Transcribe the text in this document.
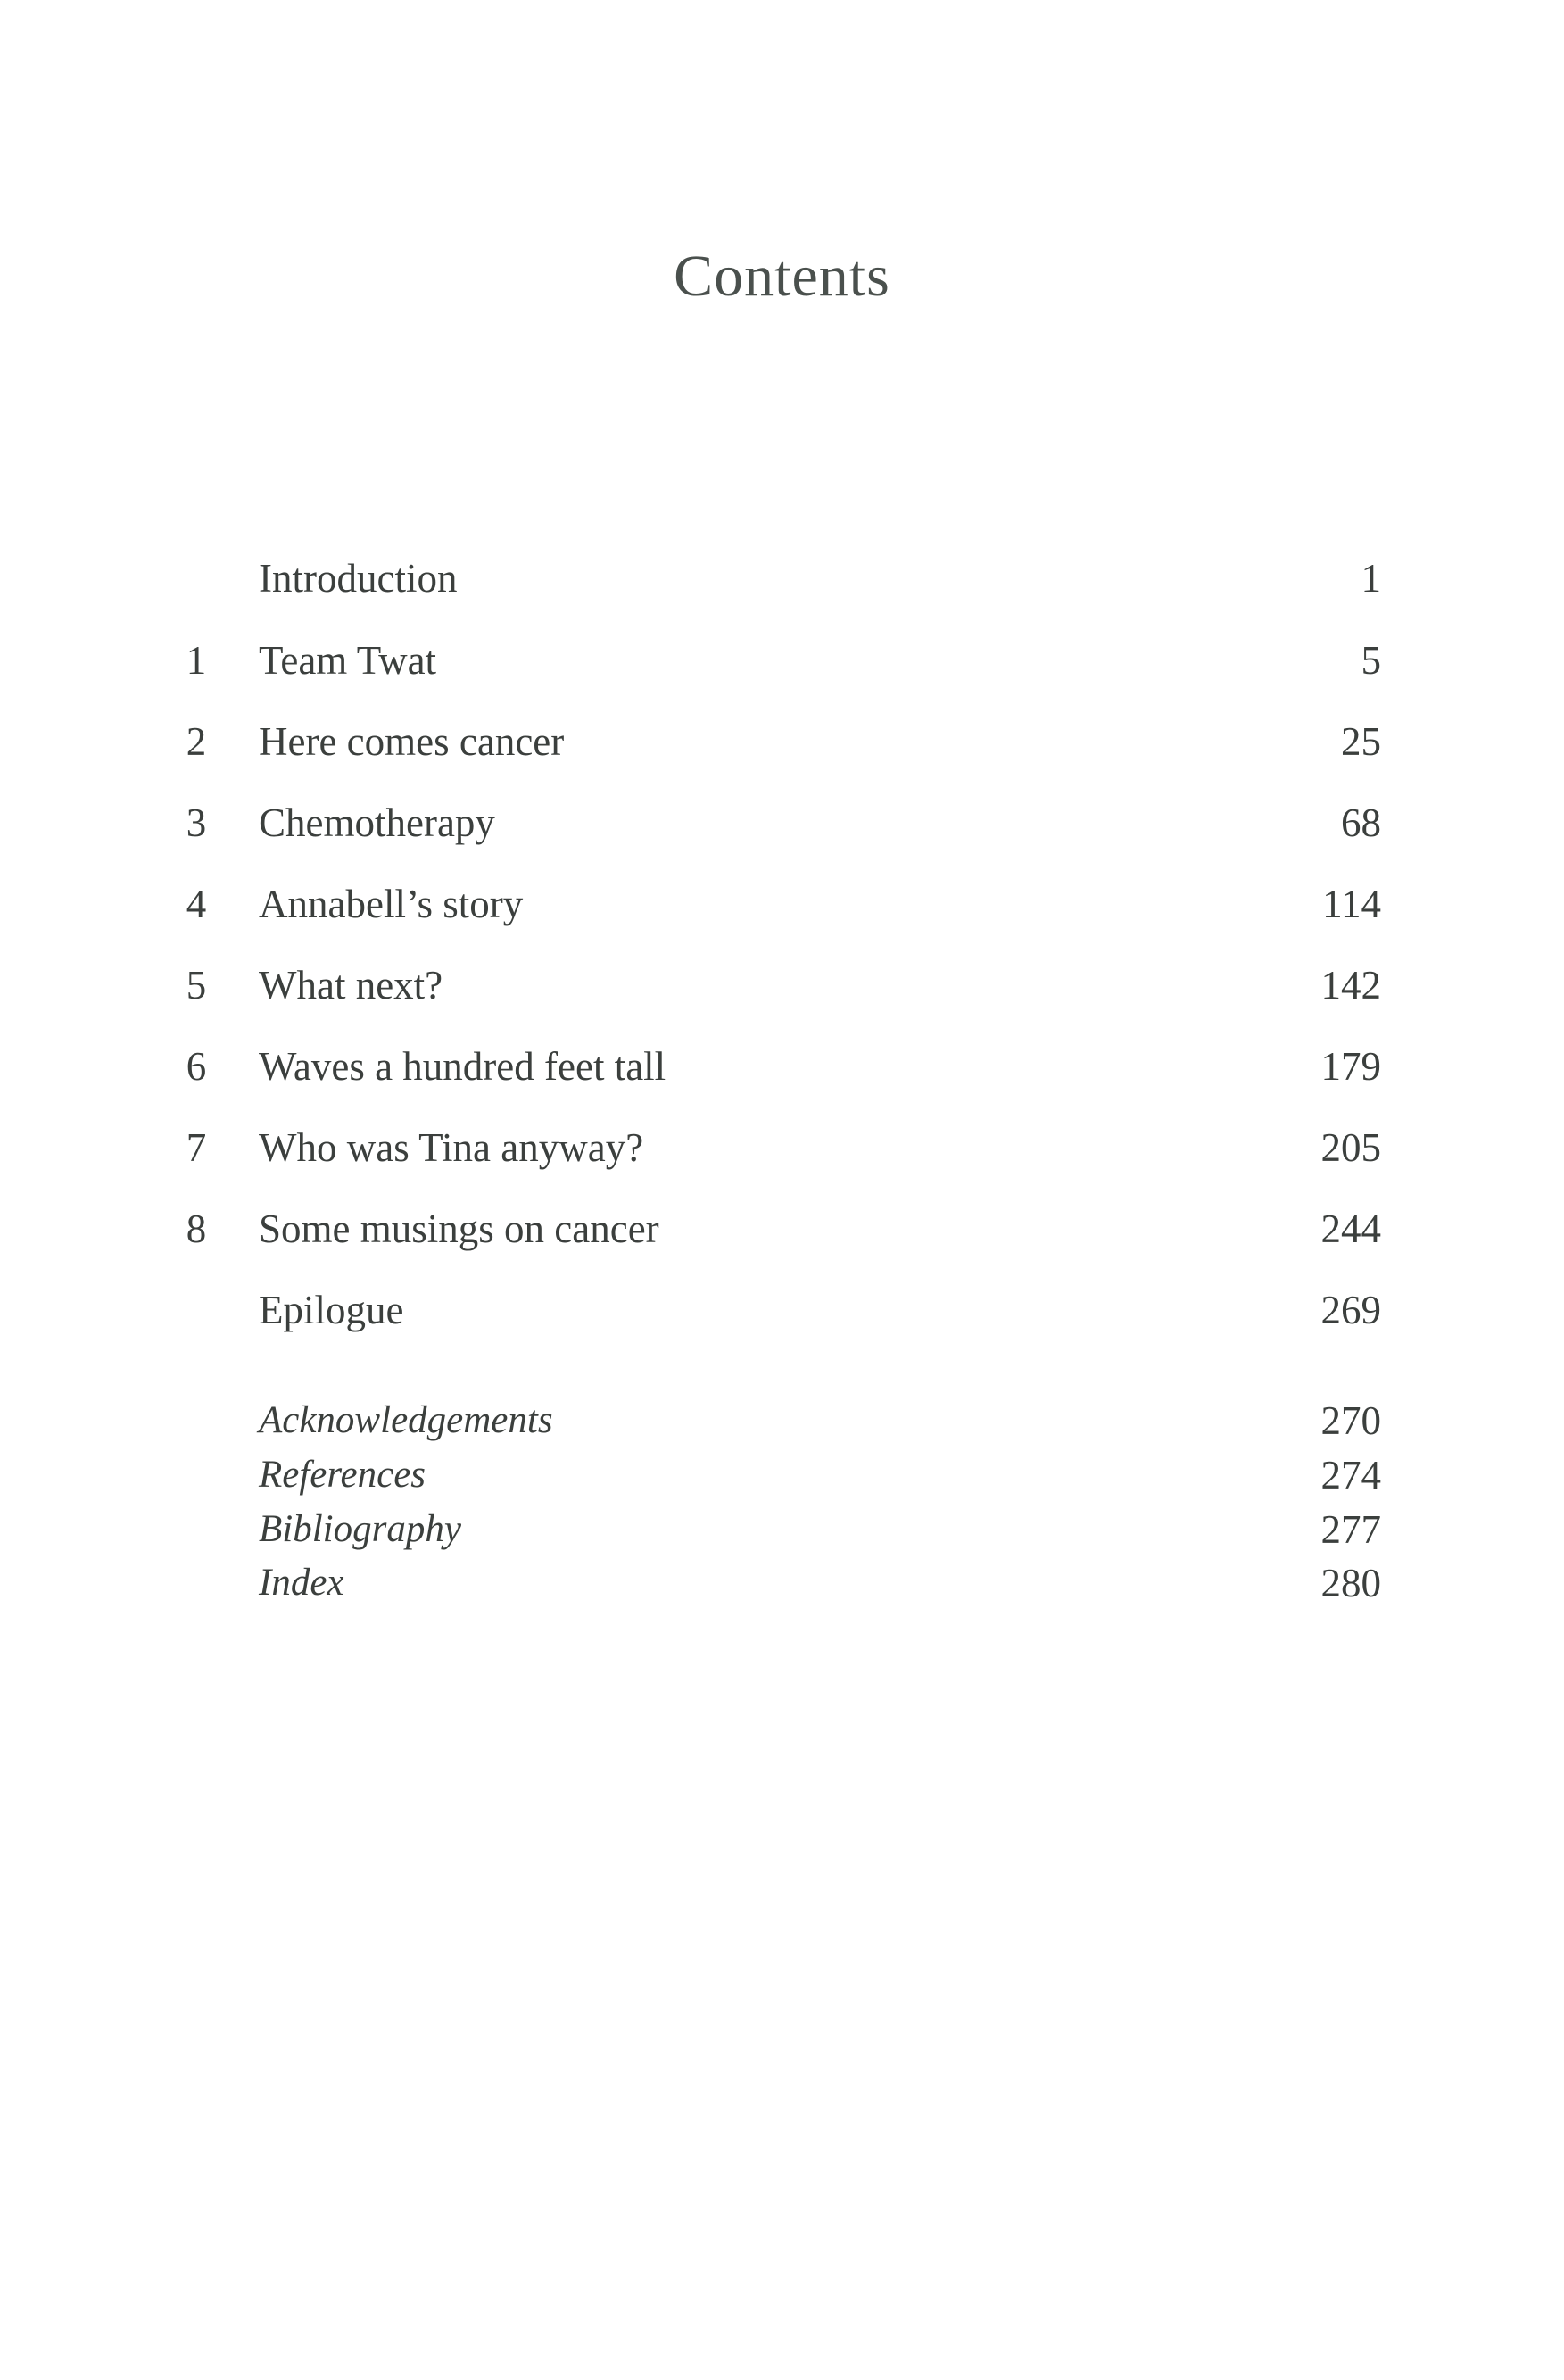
Contents
Introduction	1
1 Team Twat	5
2 Here comes cancer	25
3 Chemotherapy	68
4 Annabell’s story	114
5 What next?	142
6 Waves a hundred feet tall	179
7 Who was Tina anyway?	205
8 Some musings on cancer	244
Epilogue	269
Acknowledgements	270
References	274
Bibliography	277
Index	280
